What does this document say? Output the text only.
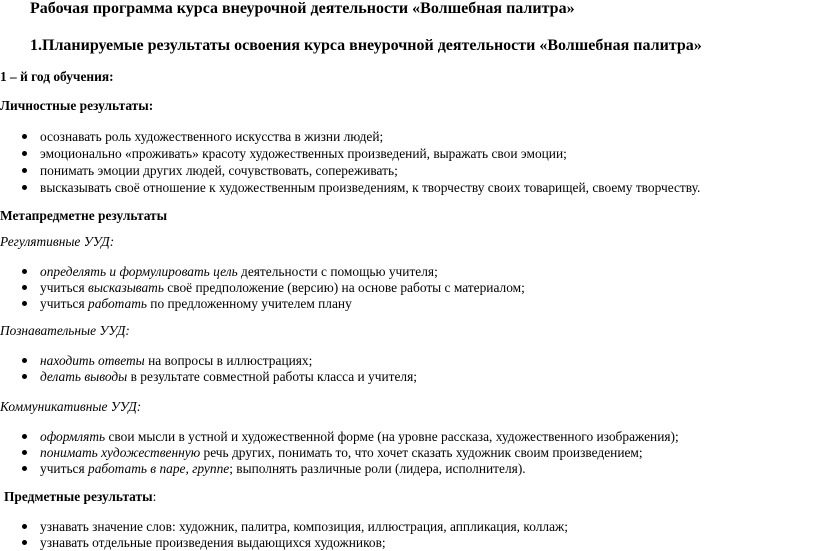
Рабочая программа курса внеурочной деятельности «Волшебная палитра»
1.Планируемые результаты освоения курса внеурочной деятельности «Волшебная палитра»
1 – й год обучения:
Личностные результаты:
осознавать роль художественного искусства в жизни людей;
эмоционально «проживать» красоту художественных произведений, выражать свои эмоции;
понимать эмоции других людей, сочувствовать, сопереживать;
высказывать своё отношение к художественным произведениям, к творчеству своих товарищей, своему творчеству.
Метапредметне результаты
Регулятивные УУД:
определять и формулировать цель деятельности с помощью учителя;
учиться высказывать своё предположение (версию) на основе работы с материалом;
учиться работать по предложенному учителем плану
Познавательные УУД:
находить ответы на вопросы в иллюстрациях;
делать выводы в результате совместной работы класса и учителя;
Коммуникативные УУД:
оформлять свои мысли в устной и художественной форме (на уровне рассказа, художественного изображения);
понимать художественную речь других, понимать то, что хочет сказать художник своим произведением;
учиться работать в паре, группе; выполнять различные роли (лидера, исполнителя).
Предметные результаты:
узнавать значение слов: художник, палитра, композиция, иллюстрация, аппликация, коллаж;
узнавать отдельные произведения выдающихся художников;
